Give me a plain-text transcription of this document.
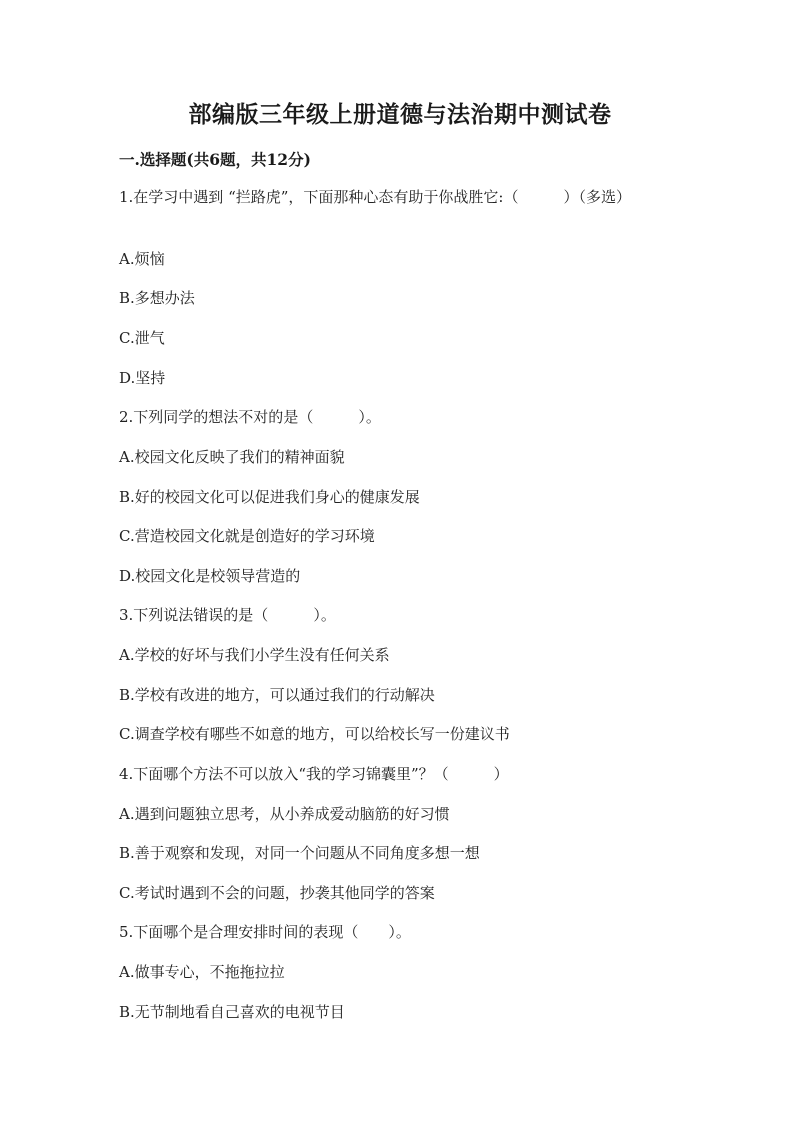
部编版三年级上册道德与法治期中测试卷
一.选择题(共6题，共12分)
1.在学习中遇到 “拦路虎”，下面那种心态有助于你战胜它:（　　　）（多选）
A.烦恼
B.多想办法
C.泄气
D.坚持
2.下列同学的想法不对的是（　　　）。
A.校园文化反映了我们的精神面貌
B.好的校园文化可以促进我们身心的健康发展
C.营造校园文化就是创造好的学习环境
D.校园文化是校领导营造的
3.下列说法错误的是（　　　）。
A.学校的好坏与我们小学生没有任何关系
B.学校有改进的地方，可以通过我们的行动解决
C.调查学校有哪些不如意的地方，可以给校长写一份建议书
4.下面哪个方法不可以放入“我的学习锦囊里”？（　　　）
A.遇到问题独立思考，从小养成爱动脑筋的好习惯
B.善于观察和发现，对同一个问题从不同角度多想一想
C.考试时遇到不会的问题，抄袭其他同学的答案
5.下面哪个是合理安排时间的表现（　　）。
A.做事专心，不拖拖拉拉
B.无节制地看自己喜欢的电视节目
